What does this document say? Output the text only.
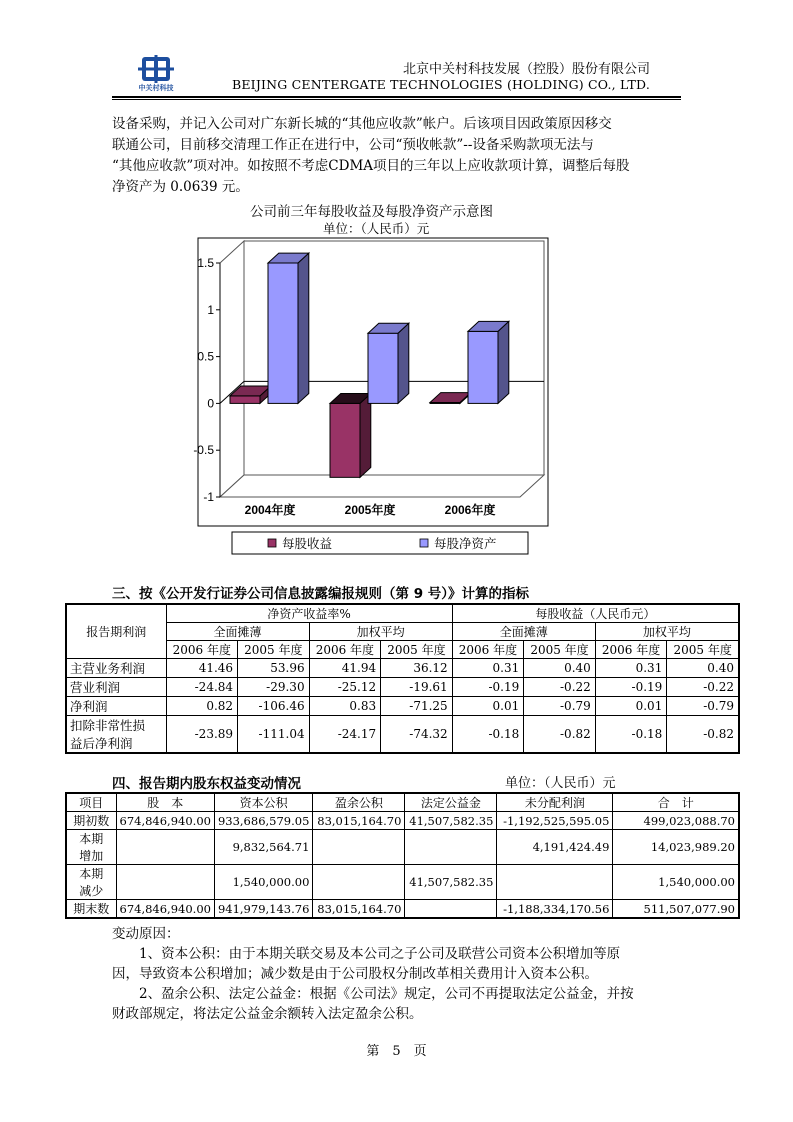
中关村科技
北京中关村科技发展（控股）股份有限公司
BEIJING CENTERGATE TECHNOLOGIES (HOLDING) CO., LTD.

设备采购，并记入公司对广东新长城的“其他应收款”帐户。后该项目因政策原因移交

联通公司，目前移交清理工作正在进行中，公司“预收帐款”--设备采购款项无法与

“其他应收款”项对冲。如按照不考虑CDMA项目的三年以上应收款项计算，调整后每股

净资产为 0.0639 元。

公司前三年每股收益及每股净资产示意图
单位：（人民币）元
1.5
1
0.5
0
-0.5
-1
2004年度	2005年度	2006年度
每股收益	每股净资产
三、按《公开发行证券公司信息披露编报规则（第 9 号）》计算的指标
报告期利润	净资产收益率%				每股收益（人民币元）			
	全面摊薄		加权平均		全面摊薄		加权平均	
	2006 年度	2005 年度	2006 年度	2005 年度	2006 年度	2005 年度	2006 年度	2005 年度
主营业务利润	41.46	53.96	41.94	36.12	0.31	0.40	0.31	0.40
营业利润	-24.84	-29.30	-25.12	-19.61	-0.19	-0.22	-0.19	-0.22
净利润	0.82	-106.46	0.83	-71.25	0.01	-0.79	0.01	-0.79
扣除非常性损
益后净利润	-23.89	-111.04	-24.17	-74.32	-0.18	-0.82	-0.18	-0.82
四、报告期内股东权益变动情况	单位：（人民币）元
项目	股　本	资本公积	盈余公积	法定公益金	未分配利润	合　计
期初数	674,846,940.00	933,686,579.05	83,015,164.70	41,507,582.35	-1,192,525,595.05	499,023,088.70
本期
增加		9,832,564.71			4,191,424.49	14,023,989.20
本期
减少		1,540,000.00		41,507,582.35		1,540,000.00
期末数	674,846,940.00	941,979,143.76	83,015,164.70		-1,188,334,170.56	511,507,077.90

变动原因：

1、资本公积：由于本期关联交易及本公司之子公司及联营公司资本公积增加等原

因，导致资本公积增加；减少数是由于公司股权分制改革相关费用计入资本公积。

2、盈余公积、法定公益金：根据《公司法》规定，公司不再提取法定公益金，并按

财政部规定，将法定公益金余额转入法定盈余公积。

第　5　页
